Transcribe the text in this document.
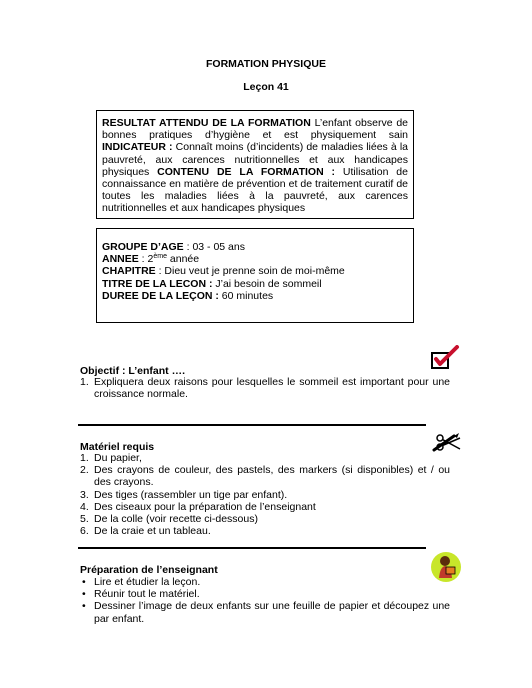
FORMATION PHYSIQUE
Leçon 41
RESULTAT ATTENDU DE LA FORMATION L’enfant observe de bonnes pratiques d’hygiène et est physiquement sain INDICATEUR : Connaît moins (d’incidents) de maladies liées à la pauvreté, aux carences nutritionnelles et aux handicapes physiques CONTENU DE LA FORMATION : Utilisation de connaissance en matière de prévention et de traitement curatif de toutes les maladies liées à la pauvreté, aux carences nutritionnelles et aux handicapes physiques
GROUPE D’AGE : 03 - 05 ans
ANNEE : 2ème année
CHAPITRE : Dieu veut je prenne soin de moi-même
TITRE DE LA LECON : J’ai besoin de sommeil
DUREE DE LA LEÇON : 60 minutes
Objectif : L’enfant ….
1. Expliquera deux raisons pour lesquelles le sommeil est important pour une croissance normale.
Matériel requis
1. Du papier,
2. Des crayons de couleur, des pastels, des markers (si disponibles) et / ou des crayons.
3. Des tiges (rassembler un tige par enfant).
4. Des ciseaux pour la préparation de l’enseignant
5. De la colle (voir recette ci-dessous)
6. De la craie et un tableau.
Préparation de l’enseignant
• Lire et étudier la leçon.
• Réunir tout le matériel.
• Dessiner l’image de deux enfants sur une feuille de papier et découpez une par enfant.
